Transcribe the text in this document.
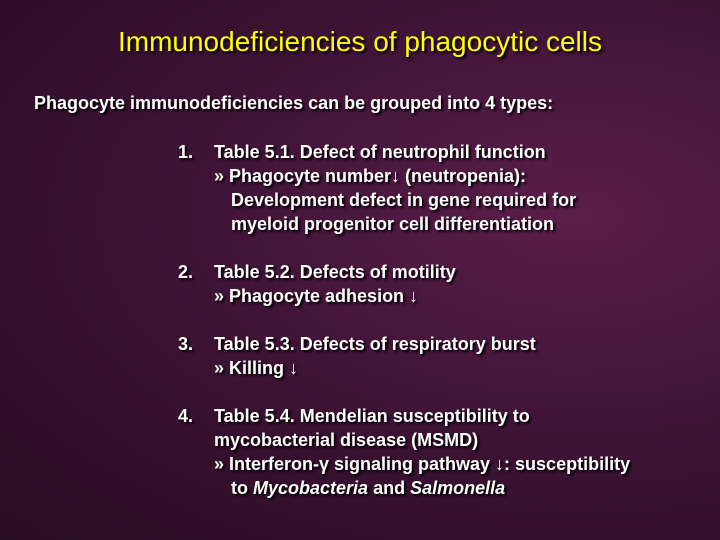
Immunodeficiencies of phagocytic cells
Phagocyte immunodeficiencies can be grouped into 4 types:
1. Table 5.1. Defect of neutrophil function
» Phagocyte number↓ (neutropenia):
Development defect in gene required for
myeloid progenitor cell differentiation
2. Table 5.2. Defects of motility
» Phagocyte adhesion ↓
3. Table 5.3. Defects of respiratory burst
» Killing ↓
4. Table 5.4. Mendelian susceptibility to
mycobacterial disease (MSMD)
» Interferon-γ signaling pathway ↓: susceptibility
to Mycobacteria and Salmonella
